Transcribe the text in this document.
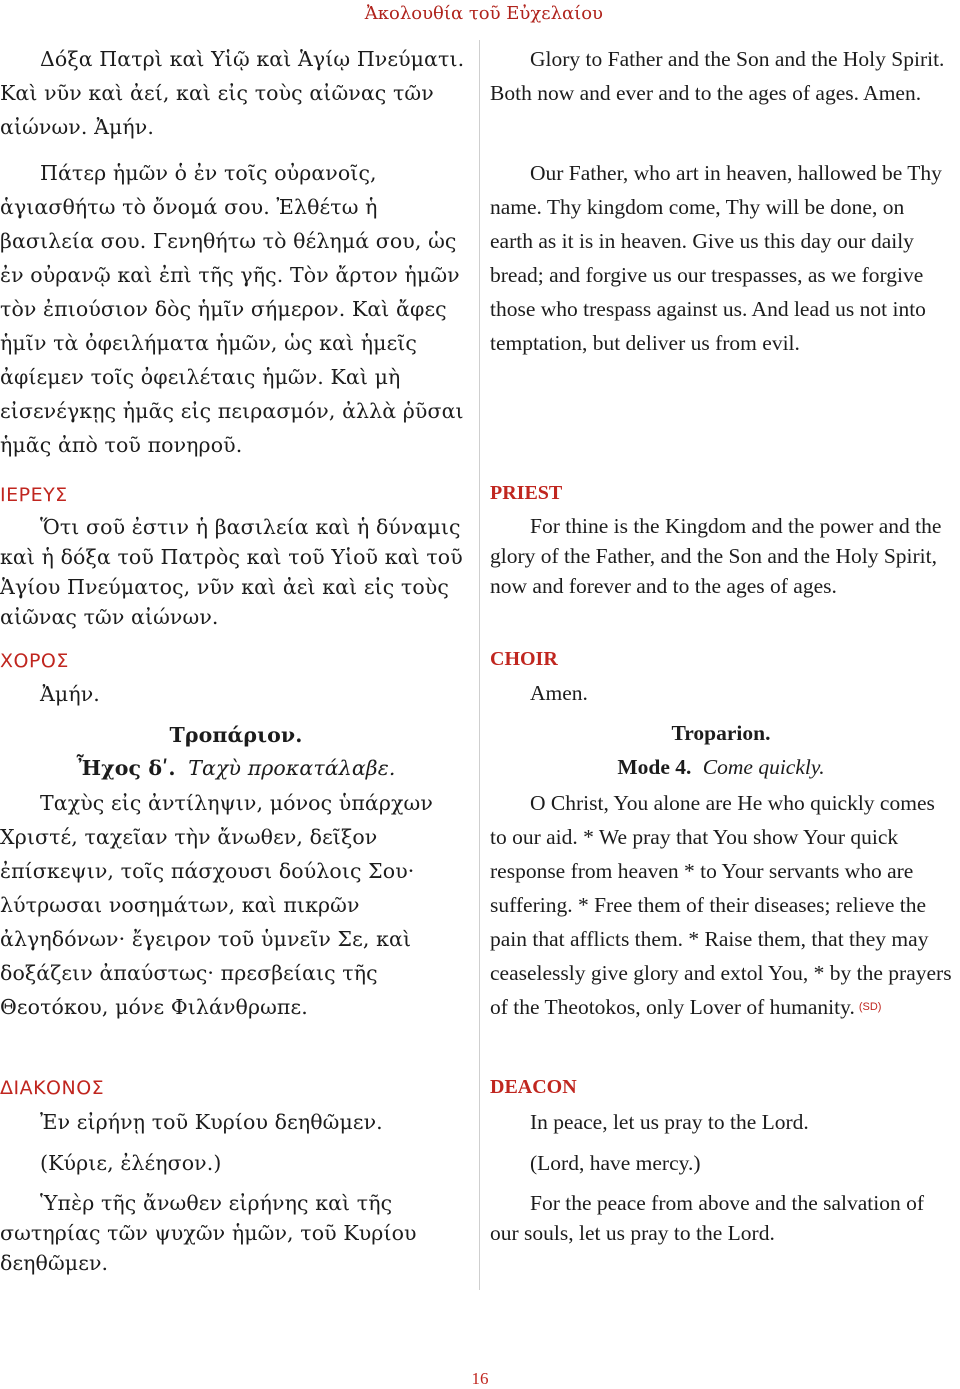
Ἀκολουθία τοῦ Εὐχελαίου

Δόξα Πατρὶ καὶ Υἱῷ καὶ Ἁγίῳ Πνεύματι. Καὶ νῦν καὶ ἀεί, καὶ εἰς τοὺς αἰῶνας τῶν αἰώνων. Ἀμήν.

Πάτερ ἡμῶν ὁ ἐν τοῖς οὐρανοῖς, ἁγιασθήτω τὸ ὄνομά σου. Ἐλθέτω ἡ βασιλεία σου. Γενηθήτω τὸ θέλημά σου, ὡς ἐν οὐρανῷ καὶ ἐπὶ τῆς γῆς. Τὸν ἄρτον ἡμῶν τὸν ἐπιούσιον δὸς ἡμῖν σήμερον. Καὶ ἄφες ἡμῖν τὰ ὀφειλήματα ἡμῶν, ὡς καὶ ἡμεῖς ἀφίεμεν τοῖς ὀφειλέταις ἡμῶν. Καὶ μὴ εἰσενέγκῃς ἡμᾶς εἰς πειρασμόν, ἀλλὰ ῥῦσαι ἡμᾶς ἀπὸ τοῦ πονηροῦ.

ΙΕΡΕΥΣ

Ὅτι σοῦ ἐστιν ἡ βασιλεία καὶ ἡ δύναμις καὶ ἡ δόξα τοῦ Πατρὸς καὶ τοῦ Υἱοῦ καὶ τοῦ Ἁγίου Πνεύματος, νῦν καὶ ἀεὶ καὶ εἰς τοὺς αἰῶνας τῶν αἰώνων.

ΧΟΡΟΣ

Ἀμήν.

Τροπάριον.
Ἦχος δʹ. Ταχὺ προκατάλαβε.

Ταχὺς εἰς ἀντίληψιν, μόνος ὑπάρχων Χριστέ, ταχεῖαν τὴν ἄνωθεν, δεῖξον ἐπίσκεψιν, τοῖς πάσχουσι δούλοις Σου· λύτρωσαι νοσημάτων, καὶ πικρῶν ἀλγηδόνων· ἔγειρον τοῦ ὑμνεῖν Σε, καὶ δοξάζειν ἀπαύστως· πρεσβείαις τῆς Θεοτόκου, μόνε Φιλάνθρωπε.

ΔΙΑΚΟΝΟΣ

Ἐν εἰρήνῃ τοῦ Κυρίου δεηθῶμεν.

(Κύριε, ἐλέησον.)

Ὑπὲρ τῆς ἄνωθεν εἰρήνης καὶ τῆς σωτηρίας τῶν ψυχῶν ἡμῶν, τοῦ Κυρίου δεηθῶμεν.

Glory to Father and the Son and the Holy Spirit. Both now and ever and to the ages of ages. Amen.

Our Father, who art in heaven, hallowed be Thy name. Thy kingdom come, Thy will be done, on earth as it is in heaven. Give us this day our daily bread; and forgive us our trespasses, as we forgive those who trespass against us. And lead us not into temptation, but deliver us from evil.

PRIEST

For thine is the Kingdom and the power and the glory of the Father, and the Son and the Holy Spirit, now and forever and to the ages of ages.

CHOIR

Amen.

Troparion.
Mode 4. Come quickly.

O Christ, You alone are He who quickly comes to our aid. * We pray that You show Your quick response from heaven * to Your servants who are suffering. * Free them of their diseases; relieve the pain that afflicts them. * Raise them, that they may ceaselessly give glory and extol You, * by the prayers of the Theotokos, only Lover of humanity. (SD)

DEACON

In peace, let us pray to the Lord.

(Lord, have mercy.)

For the peace from above and the salvation of our souls, let us pray to the Lord.

16
